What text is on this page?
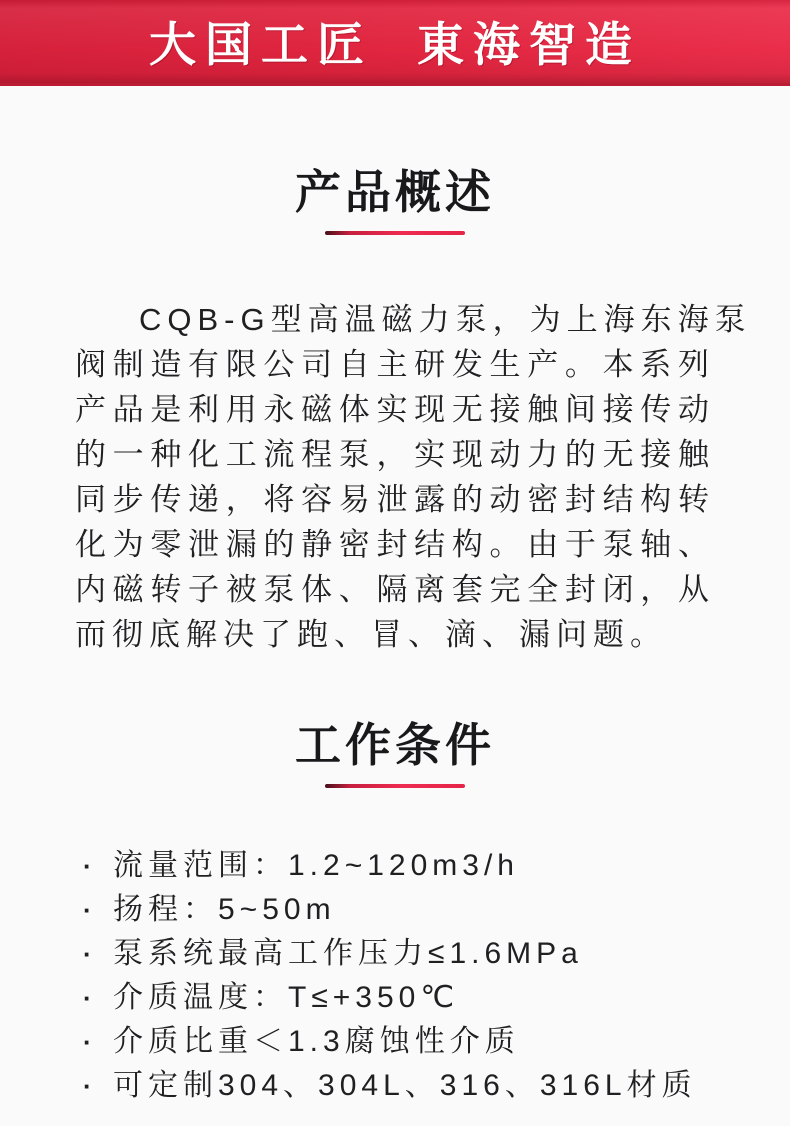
大国工匠 東海智造
产品概述
CQB-G型高温磁力泵，为上海东海泵
阀制造有限公司自主研发生产。本系列
产品是利用永磁体实现无接触间接传动
的一种化工流程泵，实现动力的无接触
同步传递，将容易泄露的动密封结构转
化为零泄漏的静密封结构。由于泵轴、
内磁转子被泵体、隔离套完全封闭，从
而彻底解决了跑、冒、滴、漏问题。
工作条件
· 流量范围：1.2~120m3/h
· 扬程：5~50m
· 泵系统最高工作压力≤1.6MPa
· 介质温度：T≤+350℃
· 介质比重＜1.3腐蚀性介质
· 可定制304、304L、316、316L材质
